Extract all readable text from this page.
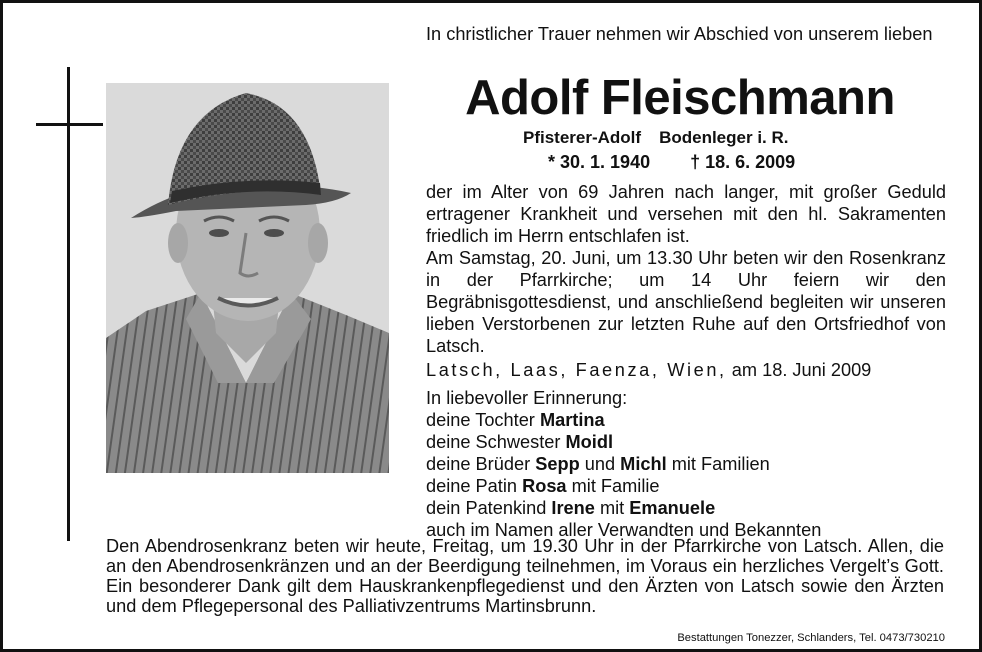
In christlicher Trauer nehmen wir Abschied von unserem lieben
Adolf Fleischmann
Pfisterer-Adolf Bodenleger i. R.
* 30. 1. 1940 † 18. 6. 2009
der im Alter von 69 Jahren nach langer, mit großer Geduld ertragener Krankheit und versehen mit den hl. Sakramenten friedlich im Herrn entschlafen ist.
Am Samstag, 20. Juni, um 13.30 Uhr beten wir den Rosenkranz in der Pfarrkirche; um 14 Uhr feiern wir den Begräbnisgottesdienst, und anschließend begleiten wir unseren lieben Verstorbenen zur letzten Ruhe auf den Ortsfriedhof von Latsch.
Latsch, Laas, Faenza, Wien, am 18. Juni 2009
In liebevoller Erinnerung:
deine Tochter Martina
deine Schwester Moidl
deine Brüder Sepp und Michl mit Familien
deine Patin Rosa mit Familie
dein Patenkind Irene mit Emanuele
auch im Namen aller Verwandten und Bekannten
Den Abendrosenkranz beten wir heute, Freitag, um 19.30 Uhr in der Pfarrkirche von Latsch. Allen, die an den Abendrosenkränzen und an der Beerdigung teilnehmen, im Voraus ein herzliches Vergelt’s Gott. Ein besonderer Dank gilt dem Hauskrankenpflegedienst und den Ärzten von Latsch sowie den Ärzten und dem Pflegepersonal des Palliativzentrums Martinsbrunn.
Bestattungen Tonezzer, Schlanders, Tel. 0473/730210
